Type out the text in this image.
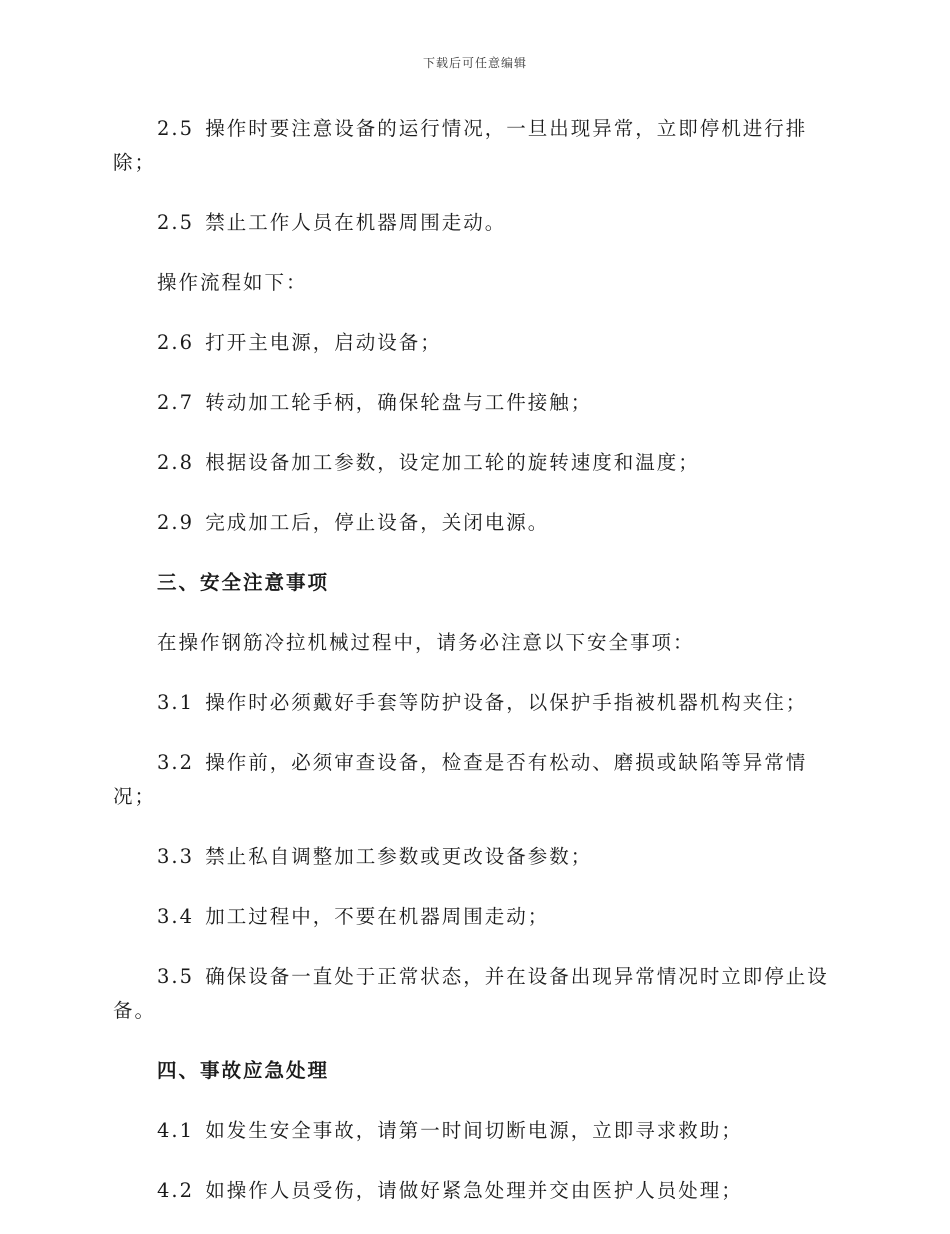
下载后可任意编辑

2.5 操作时要注意设备的运行情况，一旦出现异常，立即停机进行排除；

2.5 禁止工作人员在机器周围走动。

操作流程如下：

2.6 打开主电源，启动设备；

2.7 转动加工轮手柄，确保轮盘与工件接触；

2.8 根据设备加工参数，设定加工轮的旋转速度和温度；

2.9 完成加工后，停止设备，关闭电源。

三、安全注意事项

在操作钢筋冷拉机械过程中，请务必注意以下安全事项：

3.1 操作时必须戴好手套等防护设备，以保护手指被机器机构夹住；

3.2 操作前，必须审查设备，检查是否有松动、磨损或缺陷等异常情况；

3.3 禁止私自调整加工参数或更改设备参数；

3.4 加工过程中，不要在机器周围走动；

3.5 确保设备一直处于正常状态，并在设备出现异常情况时立即停止设备。

四、事故应急处理

4.1 如发生安全事故，请第一时间切断电源，立即寻求救助；

4.2 如操作人员受伤，请做好紧急处理并交由医护人员处理；
